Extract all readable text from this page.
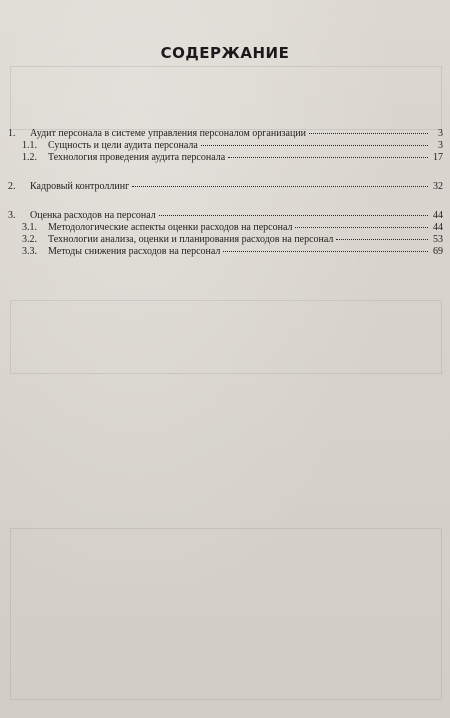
СОДЕРЖАНИЕ
1.	Аудит персонала в системе управления персоналом организации	3
1.1.	Сущность и цели аудита персонала	3
1.2.	Технология проведения аудита персонала	17
2.	Кадровый контроллинг	32
3.	Оценка расходов на персонал	44
3.1.	Методологические аспекты оценки расходов на персонал	44
3.2.	Технологии анализа, оценки и планирования расходов на персонал	53
3.3.	Методы снижения расходов на персонал	69
